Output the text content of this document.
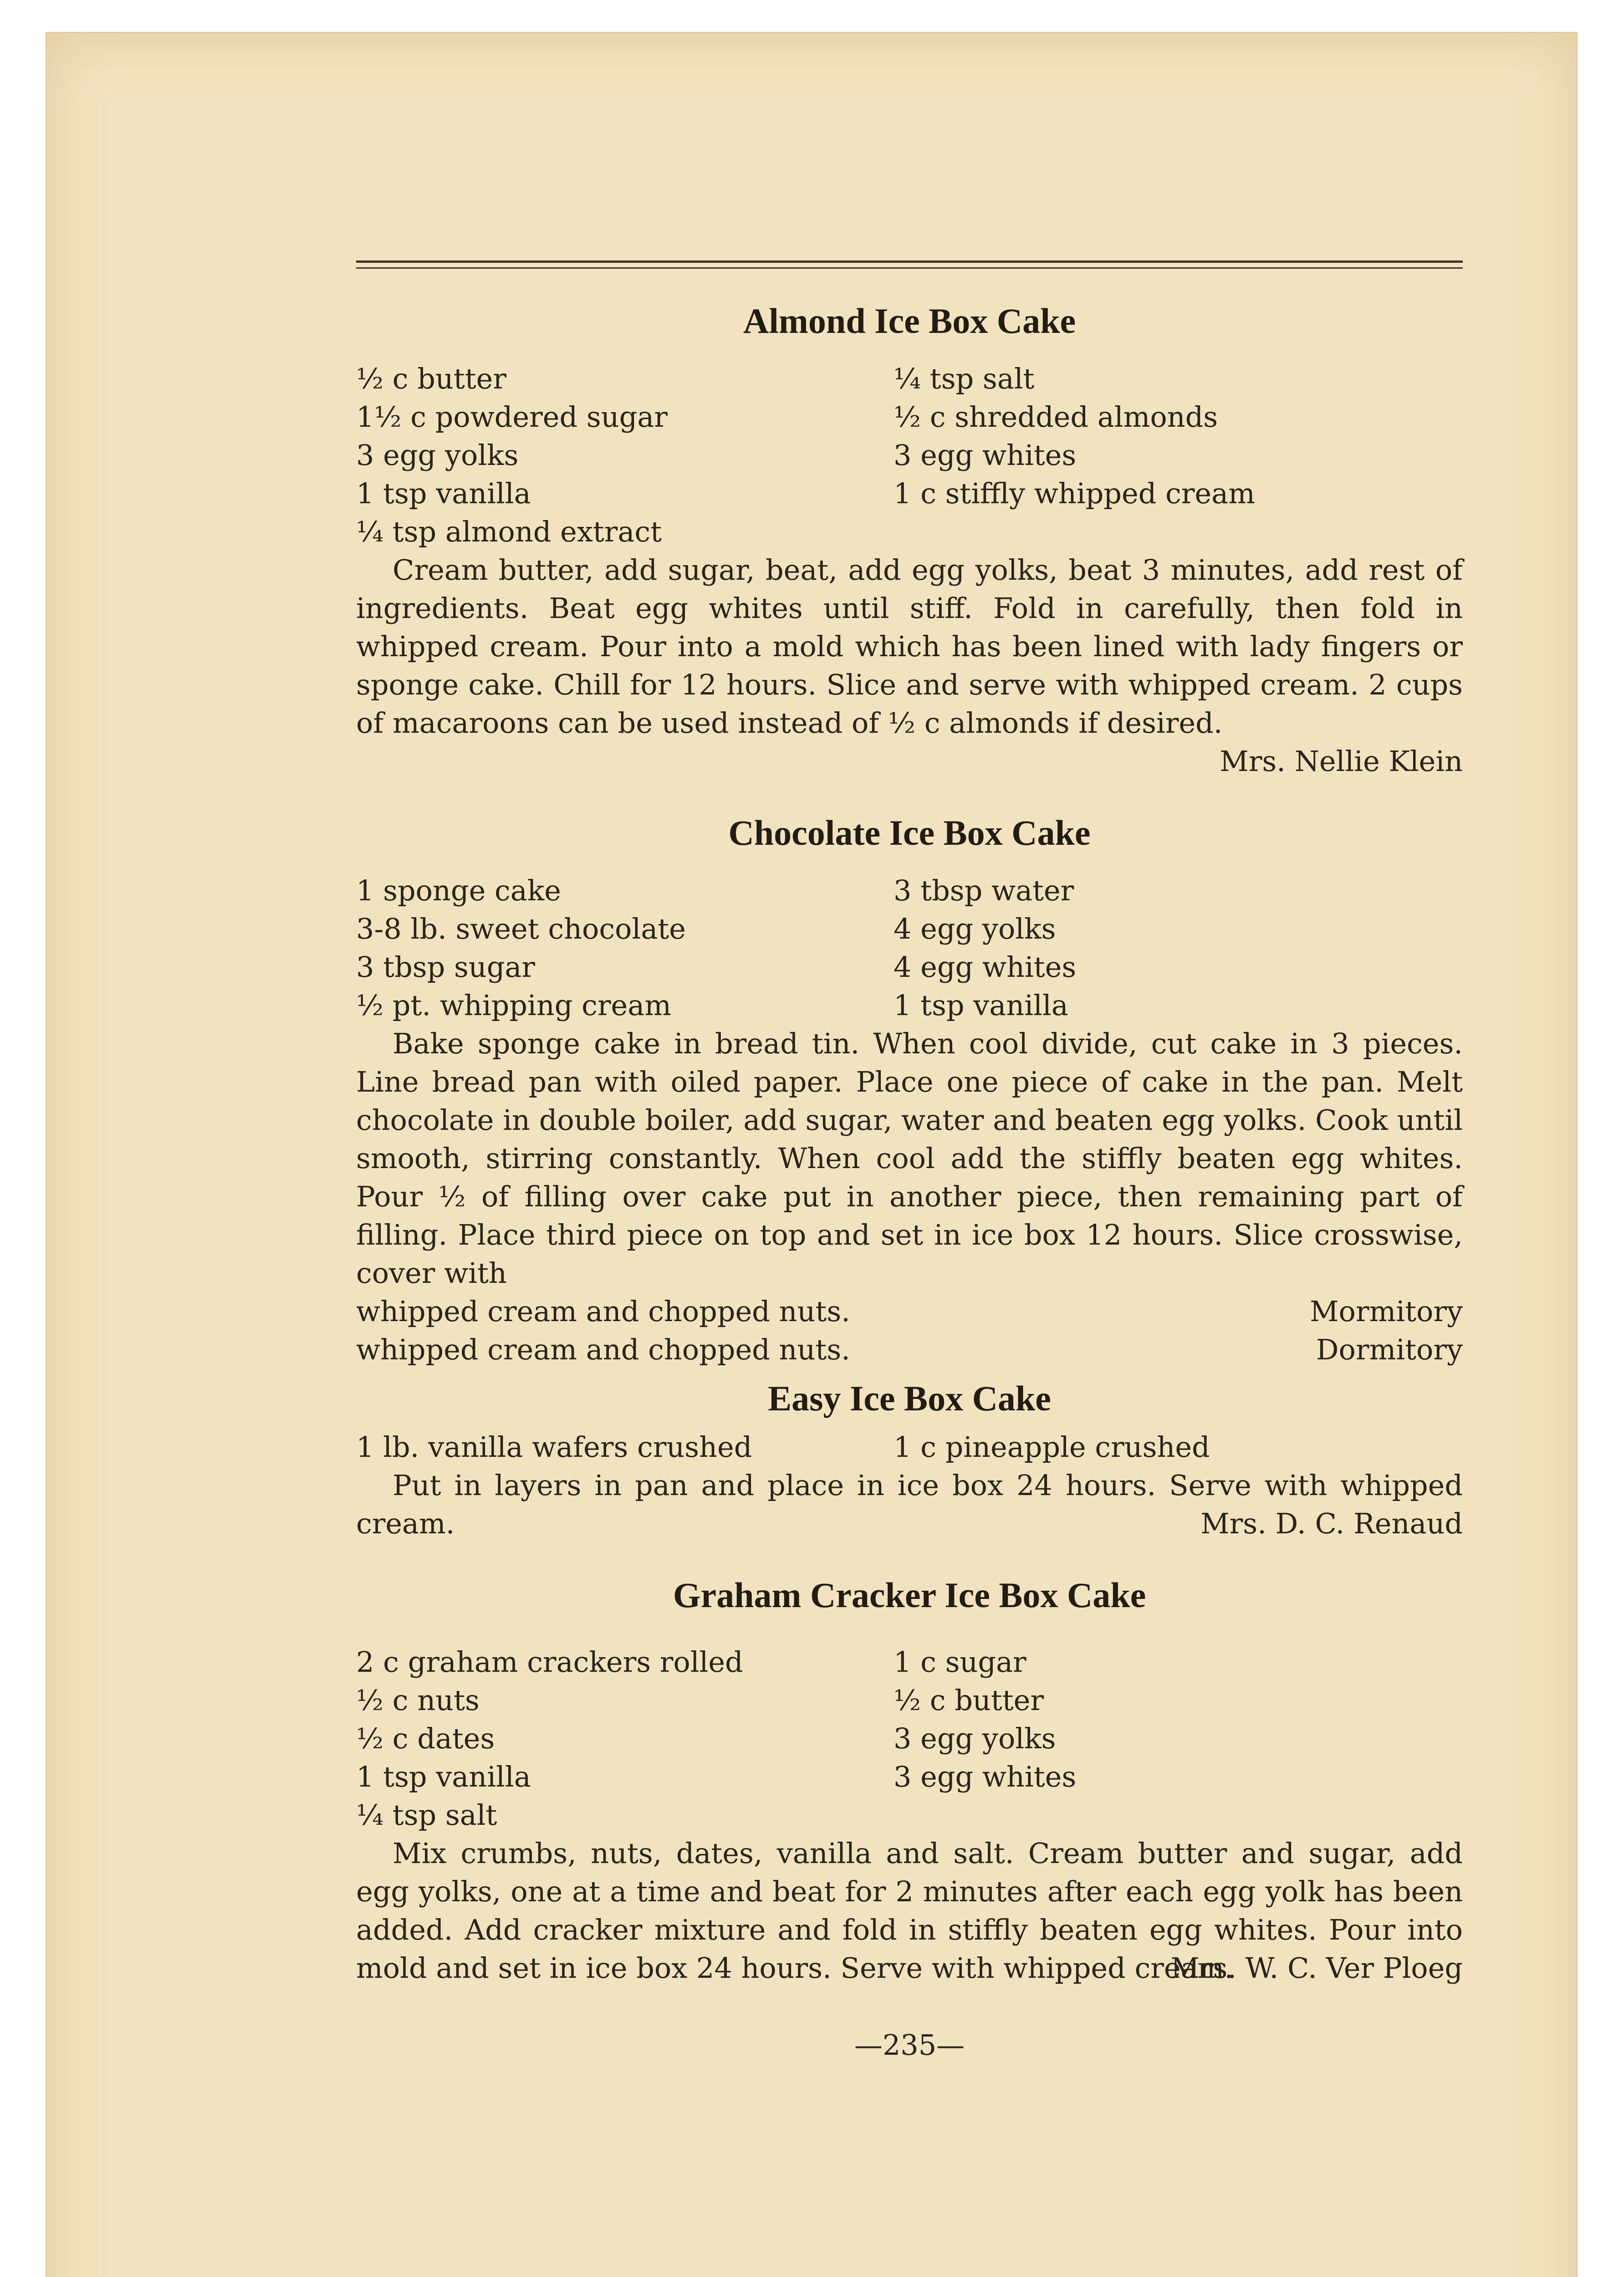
Almond Ice Box Cake
½ c butter	¼ tsp salt
1½ c powdered sugar	½ c shredded almonds
3 egg yolks	3 egg whites
1 tsp vanilla	1 c stiffly whipped cream
¼ tsp almond extract

Cream butter, add sugar, beat, add egg yolks, beat 3 minutes, add rest of ingredients. Beat egg whites until stiff. Fold in carefully, then fold in whipped cream. Pour into a mold which has been lined with lady fingers or sponge cake. Chill for 12 hours. Slice and serve with whipped cream. 2 cups of macaroons can be used instead of ½ c almonds if desired.

Mrs. Nellie Klein

Chocolate Ice Box Cake
1 sponge cake	3 tbsp water
3-8 lb. sweet chocolate	4 egg yolks
3 tbsp sugar	4 egg whites
½ pt. whipping cream	1 tsp vanilla

Bake sponge cake in bread tin. When cool divide, cut cake in 3 pieces. Line bread pan with oiled paper. Place one piece of cake in the pan. Melt chocolate in double boiler, add sugar, water and beaten egg yolks. Cook until smooth, stirring constantly. When cool add the stiffly beaten egg whites. Pour ½ of filling over cake put in another piece, then remaining part of filling. Place third piece on top and set in ice box 12 hours. Slice crosswise, cover with

whipped cream and chopped nuts.	Mormitory

whipped cream and chopped nuts.	Dormitory

Easy Ice Box Cake
1 lb. vanilla wafers crushed	1 c pineapple crushed

Put in layers in pan and place in ice box 24 hours. Serve with whipped cream.	Mrs. D. C. Renaud

Graham Cracker Ice Box Cake
2 c graham crackers rolled	1 c sugar
½ c nuts	½ c butter
½ c dates	3 egg yolks
1 tsp vanilla	3 egg whites
¼ tsp salt

Mix crumbs, nuts, dates, vanilla and salt. Cream butter and sugar, add egg yolks, one at a time and beat for 2 minutes after each egg yolk has been added. Add cracker mixture and fold in stiffly beaten egg whites. Pour into mold and set in ice box 24 hours. Serve with whipped cream.

Mrs. W. C. Ver Ploeg

—235—
